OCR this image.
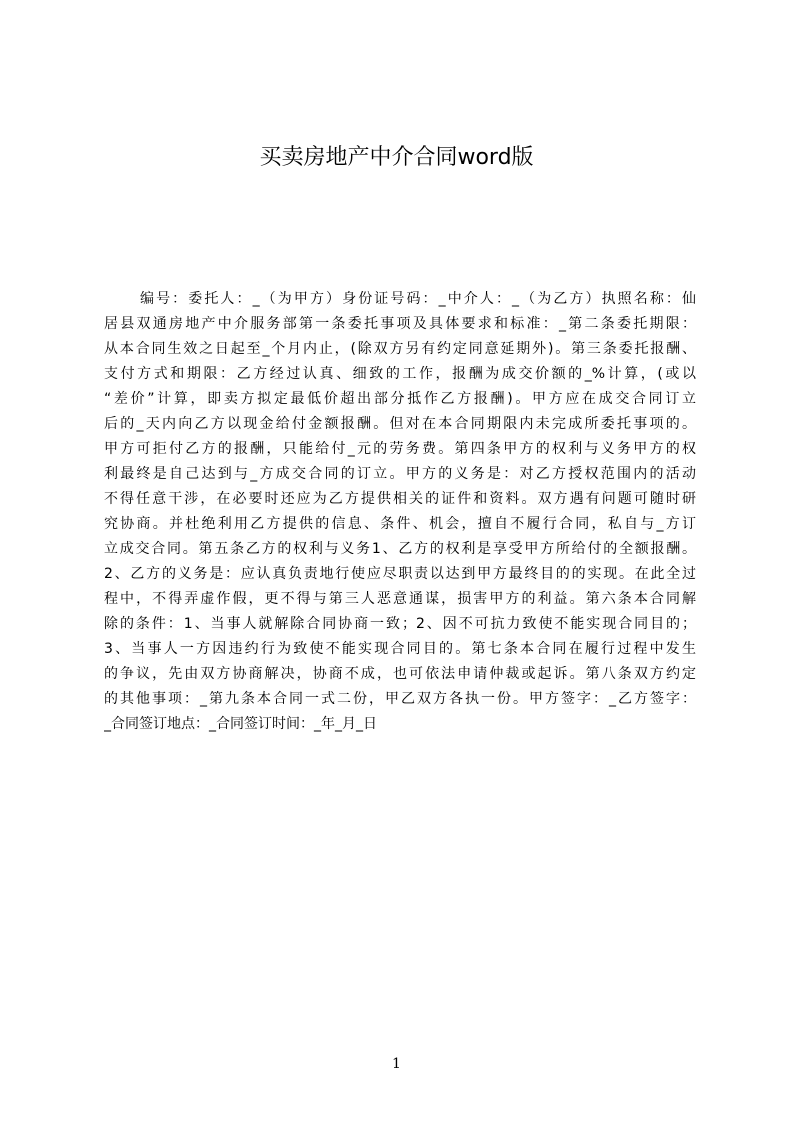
买卖房地产中介合同word版
编号：委托人：_（为甲方）身份证号码：_中介人：_（为乙方）执照名称：仙
居县双通房地产中介服务部第一条委托事项及具体要求和标准：_第二条委托期限：
从本合同生效之日起至_个月内止，(除双方另有约定同意延期外)。第三条委托报酬、
支付方式和期限：乙方经过认真、细致的工作，报酬为成交价额的_%计算，(或以
“差价”计算，即卖方拟定最低价超出部分抵作乙方报酬)。甲方应在成交合同订立
后的_天内向乙方以现金给付金额报酬。但对在本合同期限内未完成所委托事项的。
甲方可拒付乙方的报酬，只能给付_元的劳务费。第四条甲方的权利与义务甲方的权
利最终是自己达到与_方成交合同的订立。甲方的义务是：对乙方授权范围内的活动
不得任意干涉，在必要时还应为乙方提供相关的证件和资料。双方遇有问题可随时研
究协商。并杜绝利用乙方提供的信息、条件、机会，擅自不履行合同，私自与_方订
立成交合同。第五条乙方的权利与义务1、乙方的权利是享受甲方所给付的全额报酬。
2、乙方的义务是：应认真负责地行使应尽职责以达到甲方最终目的的实现。在此全过
程中，不得弄虚作假，更不得与第三人恶意通谋，损害甲方的利益。第六条本合同解
除的条件：1、当事人就解除合同协商一致；2、因不可抗力致使不能实现合同目的；
3、当事人一方因违约行为致使不能实现合同目的。第七条本合同在履行过程中发生
的争议，先由双方协商解决，协商不成，也可依法申请仲裁或起诉。第八条双方约定
的其他事项：_第九条本合同一式二份，甲乙双方各执一份。甲方签字：_乙方签字：
_合同签订地点：_合同签订时间：_年_月_日
1
